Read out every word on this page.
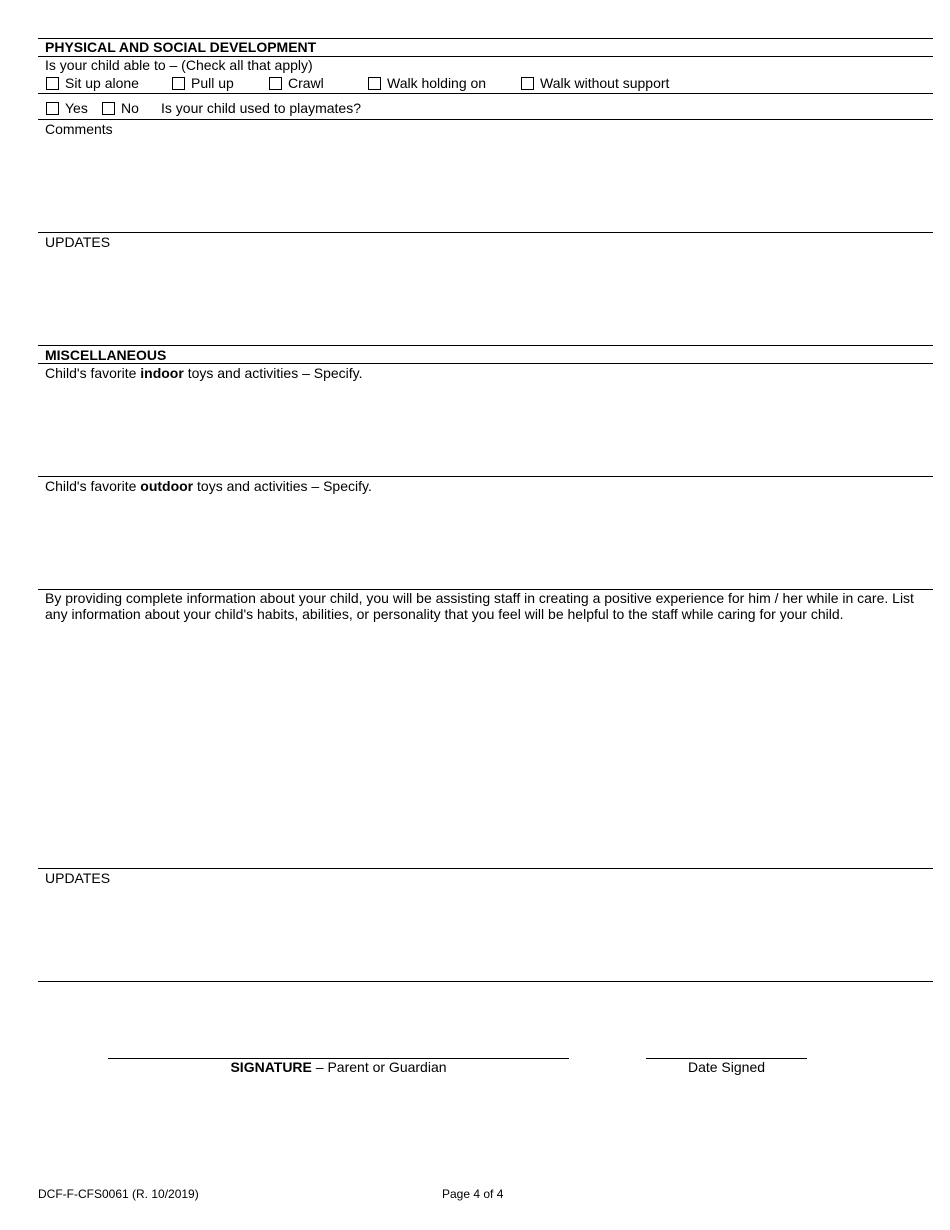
PHYSICAL AND SOCIAL DEVELOPMENT
Is your child able to – (Check all that apply)
Sit up alone	Pull up	Crawl	Walk holding on	Walk without support
Yes No Is your child used to playmates?
Comments
UPDATES
MISCELLANEOUS
Child's favorite indoor toys and activities – Specify.
Child's favorite outdoor toys and activities – Specify.
By providing complete information about your child, you will be assisting staff in creating a positive experience for him / her while in care. List any information about your child's habits, abilities, or personality that you feel will be helpful to the staff while caring for your child.
UPDATES
SIGNATURE – Parent or Guardian	Date Signed
DCF-F-CFS0061 (R. 10/2019)	Page 4 of 4
